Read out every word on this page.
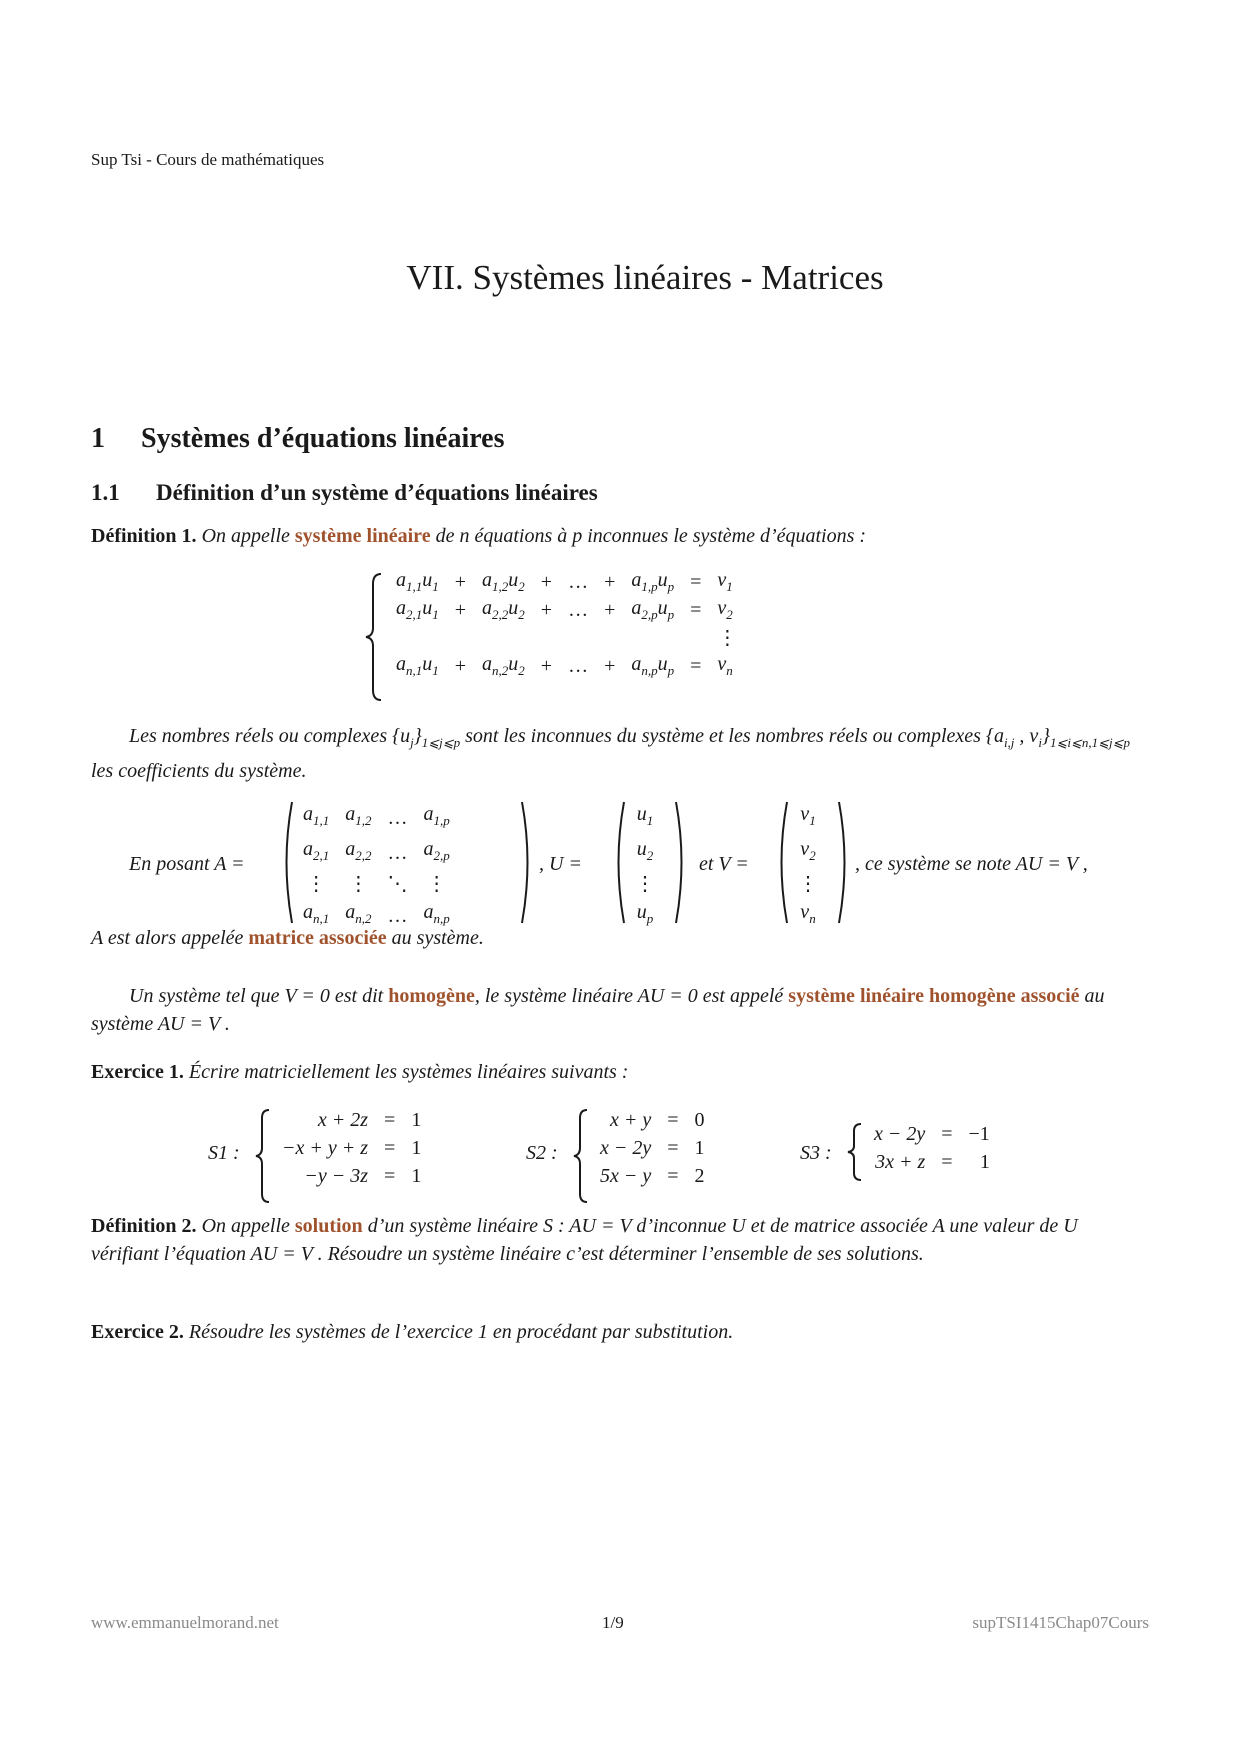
Sup Tsi - Cours de mathématiques
VII. Systèmes linéaires - Matrices
1 Systèmes d’équations linéaires
1.1 Définition d’un système d’équations linéaires
Définition 1. On appelle système linéaire de n équations à p inconnues le système d’équations :
$a_{1,1}u_1$	+	$a_{1,2}u_2$	+	…	+	$a_{1,p}u_p$	=	$v_1$
$a_{2,1}u_1$	+	$a_{2,2}u_2$	+	…	+	$a_{2,p}u_p$	=	$v_2$
								⋮
$a_{n,1}u_1$	+	$a_{n,2}u_2$	+	…	+	$a_{n,p}u_p$	=	$v_n$
Les nombres réels ou complexes $\{u_j\}_{1⩽j⩽p}$ sont les inconnues du système et les nombres réels ou complexes {$a_{i,j}$ , $v_i\}_{1⩽i⩽n,1⩽j⩽p}$ les coefficients du système.
En posant A =
$a_{1,1}$	$a_{1,2}$	…	$a_{1,p}$
$a_{2,1}$	$a_{2,2}$	…	$a_{2,p}$
⋮	⋮	⋱	⋮
$a_{n,1}$	$a_{n,2}$	…	$a_{n,p}$
, U =
$u_1$
$u_2$
⋮
$u_p$
et V =
$v_1$
$v_2$
⋮
$v_n$
, ce système se note AU = V ,
A est alors appelée matrice associée au système.
Un système tel que V = 0 est dit homogène, le système linéaire AU = 0 est appelé système linéaire homogène associé au système AU = V .
Exercice 1. Écrire matriciellement les systèmes linéaires suivants :
S1 :
x + 2z	=	1
−x + y + z	=	1
−y − 3z	=	1
S2 :
x + y	=	0
x − 2y	=	1
5x − y	=	2
S3 :
x − 2y	=	−1
3x + z	=	1
Définition 2. On appelle solution d’un système linéaire S : AU = V d’inconnue U et de matrice associée A une valeur de U vérifiant l’équation AU = V . Résoudre un système linéaire c’est déterminer l’ensemble de ses solutions.
Exercice 2. Résoudre les systèmes de l’exercice 1 en procédant par substitution.
www.emmanuelmorand.net	1/9	supTSI1415Chap07Cours
